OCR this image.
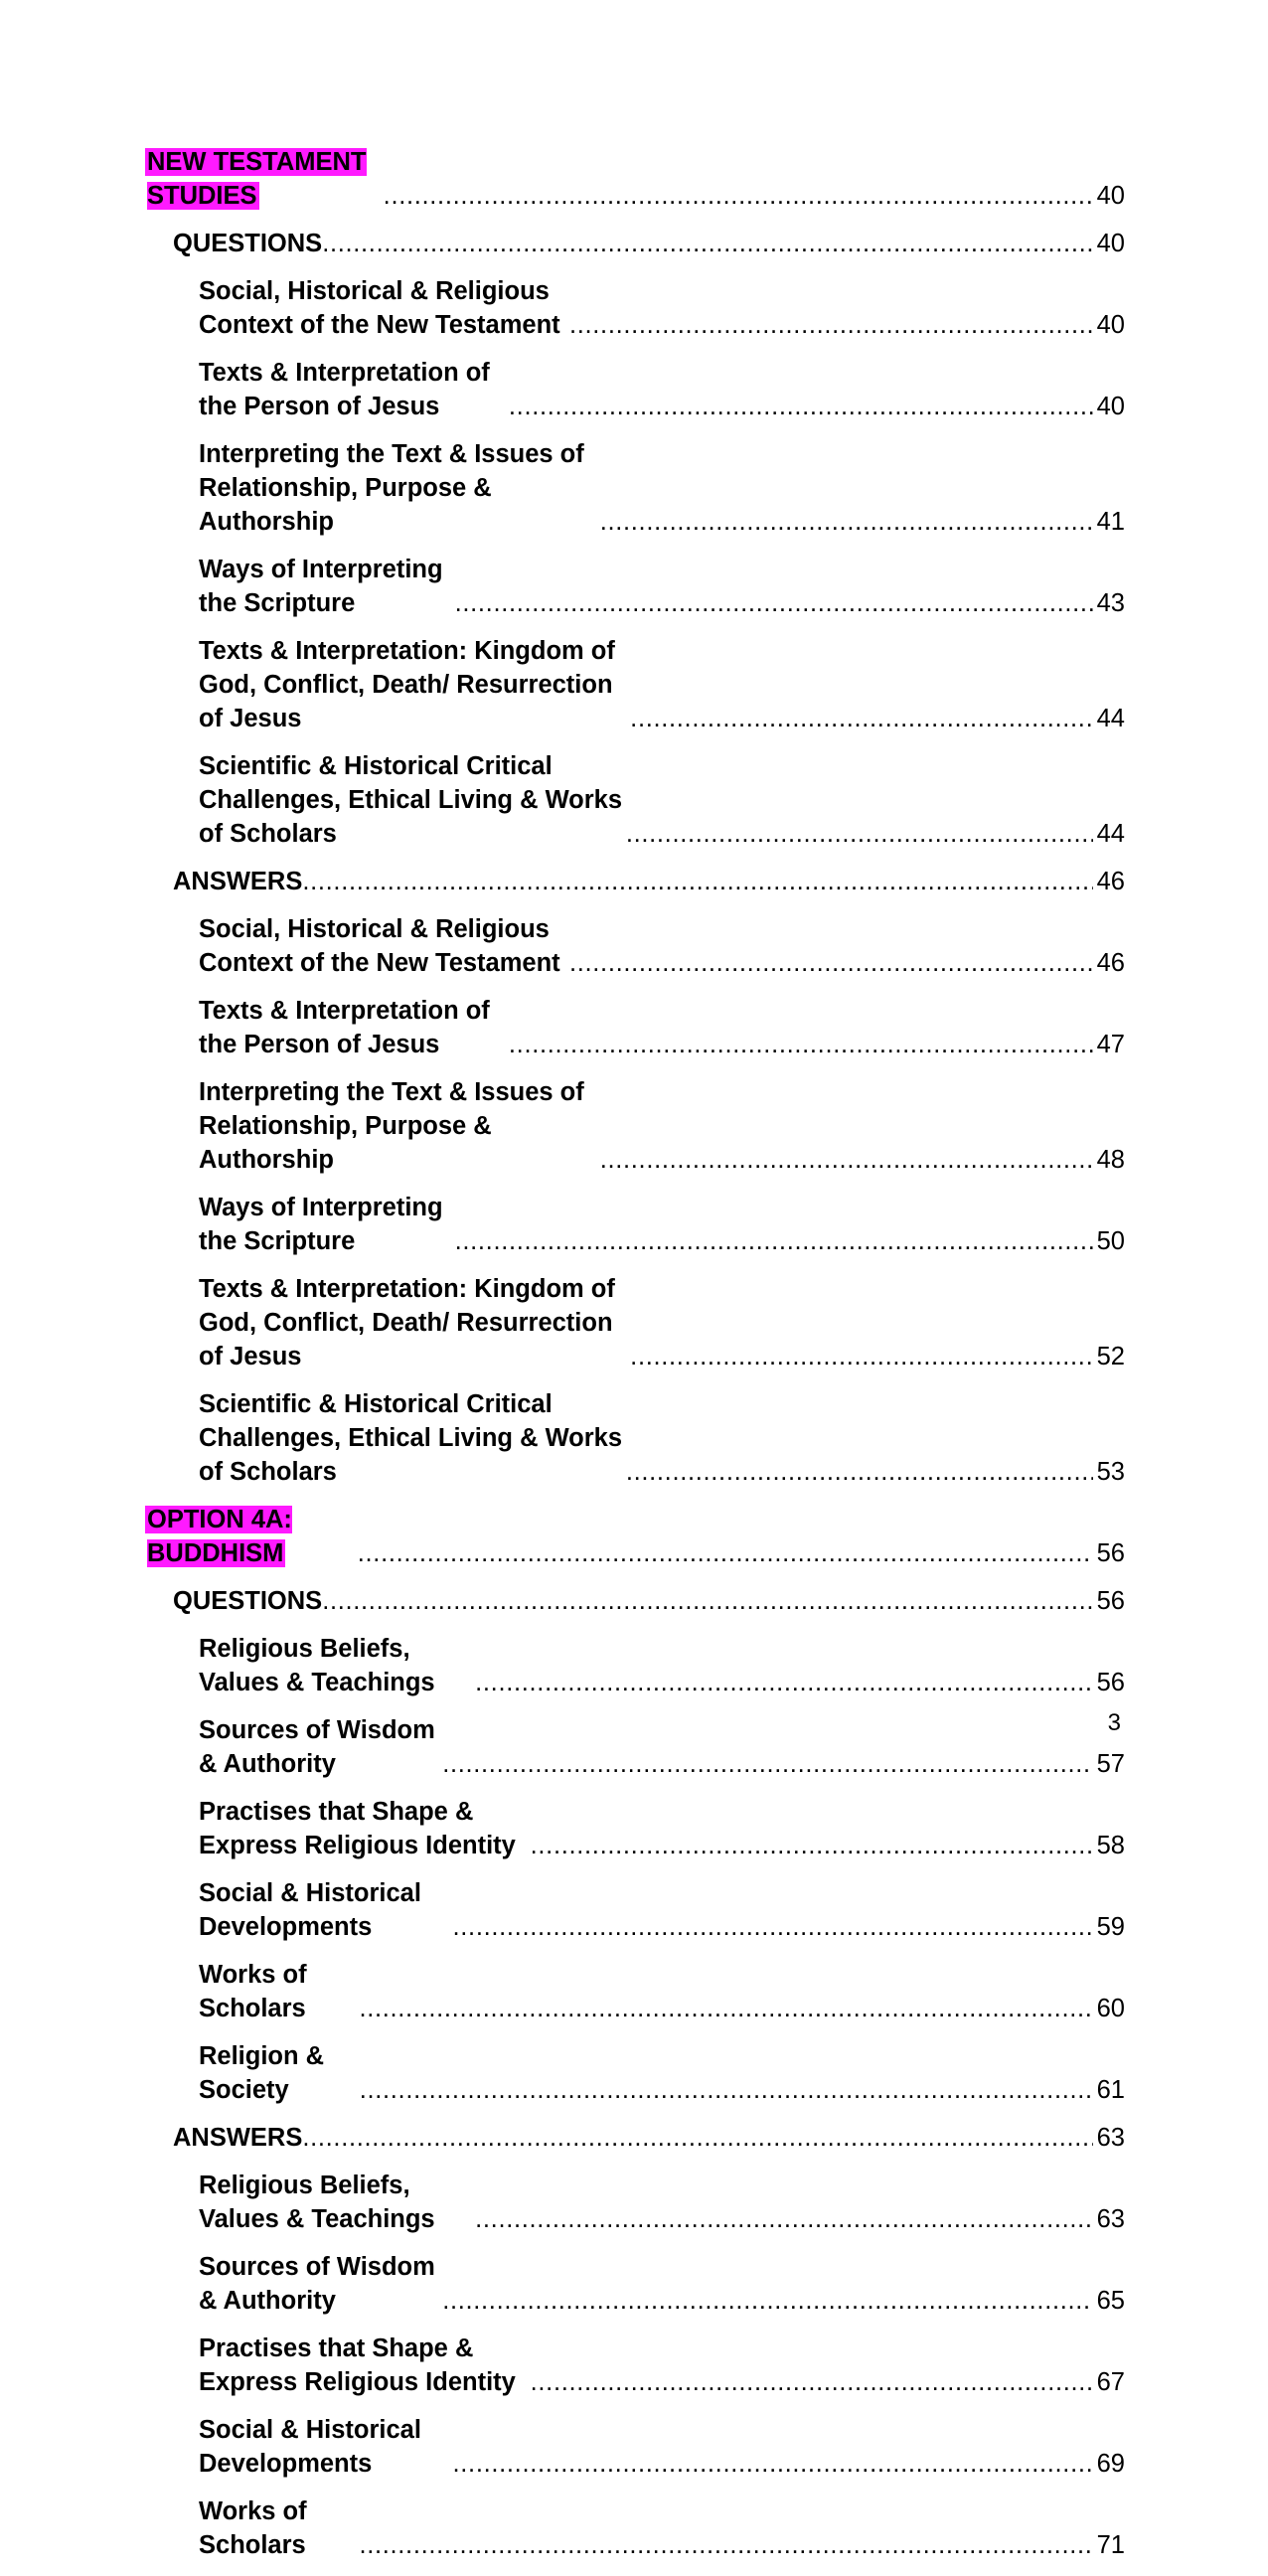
NEW TESTAMENT STUDIES . . .	40
QUESTIONS . . .	40
Social, Historical & Religious Context of the New Testament . . .	40
Texts & Interpretation of the Person of Jesus . . .	40
Interpreting the Text & Issues of Relationship, Purpose & Authorship . . .	41
Ways of Interpreting the Scripture . . .	43
Texts & Interpretation: Kingdom of God, Conflict, Death/ Resurrection of Jesus . . .	44
Scientific & Historical Critical Challenges, Ethical Living & Works of Scholars . . .	44
ANSWERS . . .	46
Social, Historical & Religious Context of the New Testament . . .	46
Texts & Interpretation of the Person of Jesus . . .	47
Interpreting the Text & Issues of Relationship, Purpose & Authorship . . .	48
Ways of Interpreting the Scripture . . .	50
Texts & Interpretation: Kingdom of God, Conflict, Death/ Resurrection of Jesus . . .	52
Scientific & Historical Critical Challenges, Ethical Living & Works of Scholars . . .	53
OPTION 4A: BUDDHISM . . .	56
QUESTIONS . . .	56
Religious Beliefs, Values & Teachings . . .	56
Sources of Wisdom & Authority . . .	57
Practises that Shape & Express Religious Identity . . .	58
Social & Historical Developments . . .	59
Works of Scholars . . .	60
Religion & Society . . .	61
ANSWERS . . .	63
Religious Beliefs, Values & Teachings . . .	63
Sources of Wisdom & Authority . . .	65
Practises that Shape & Express Religious Identity . . .	67
Social & Historical Developments . . .	69
Works of Scholars . . .	71
3
